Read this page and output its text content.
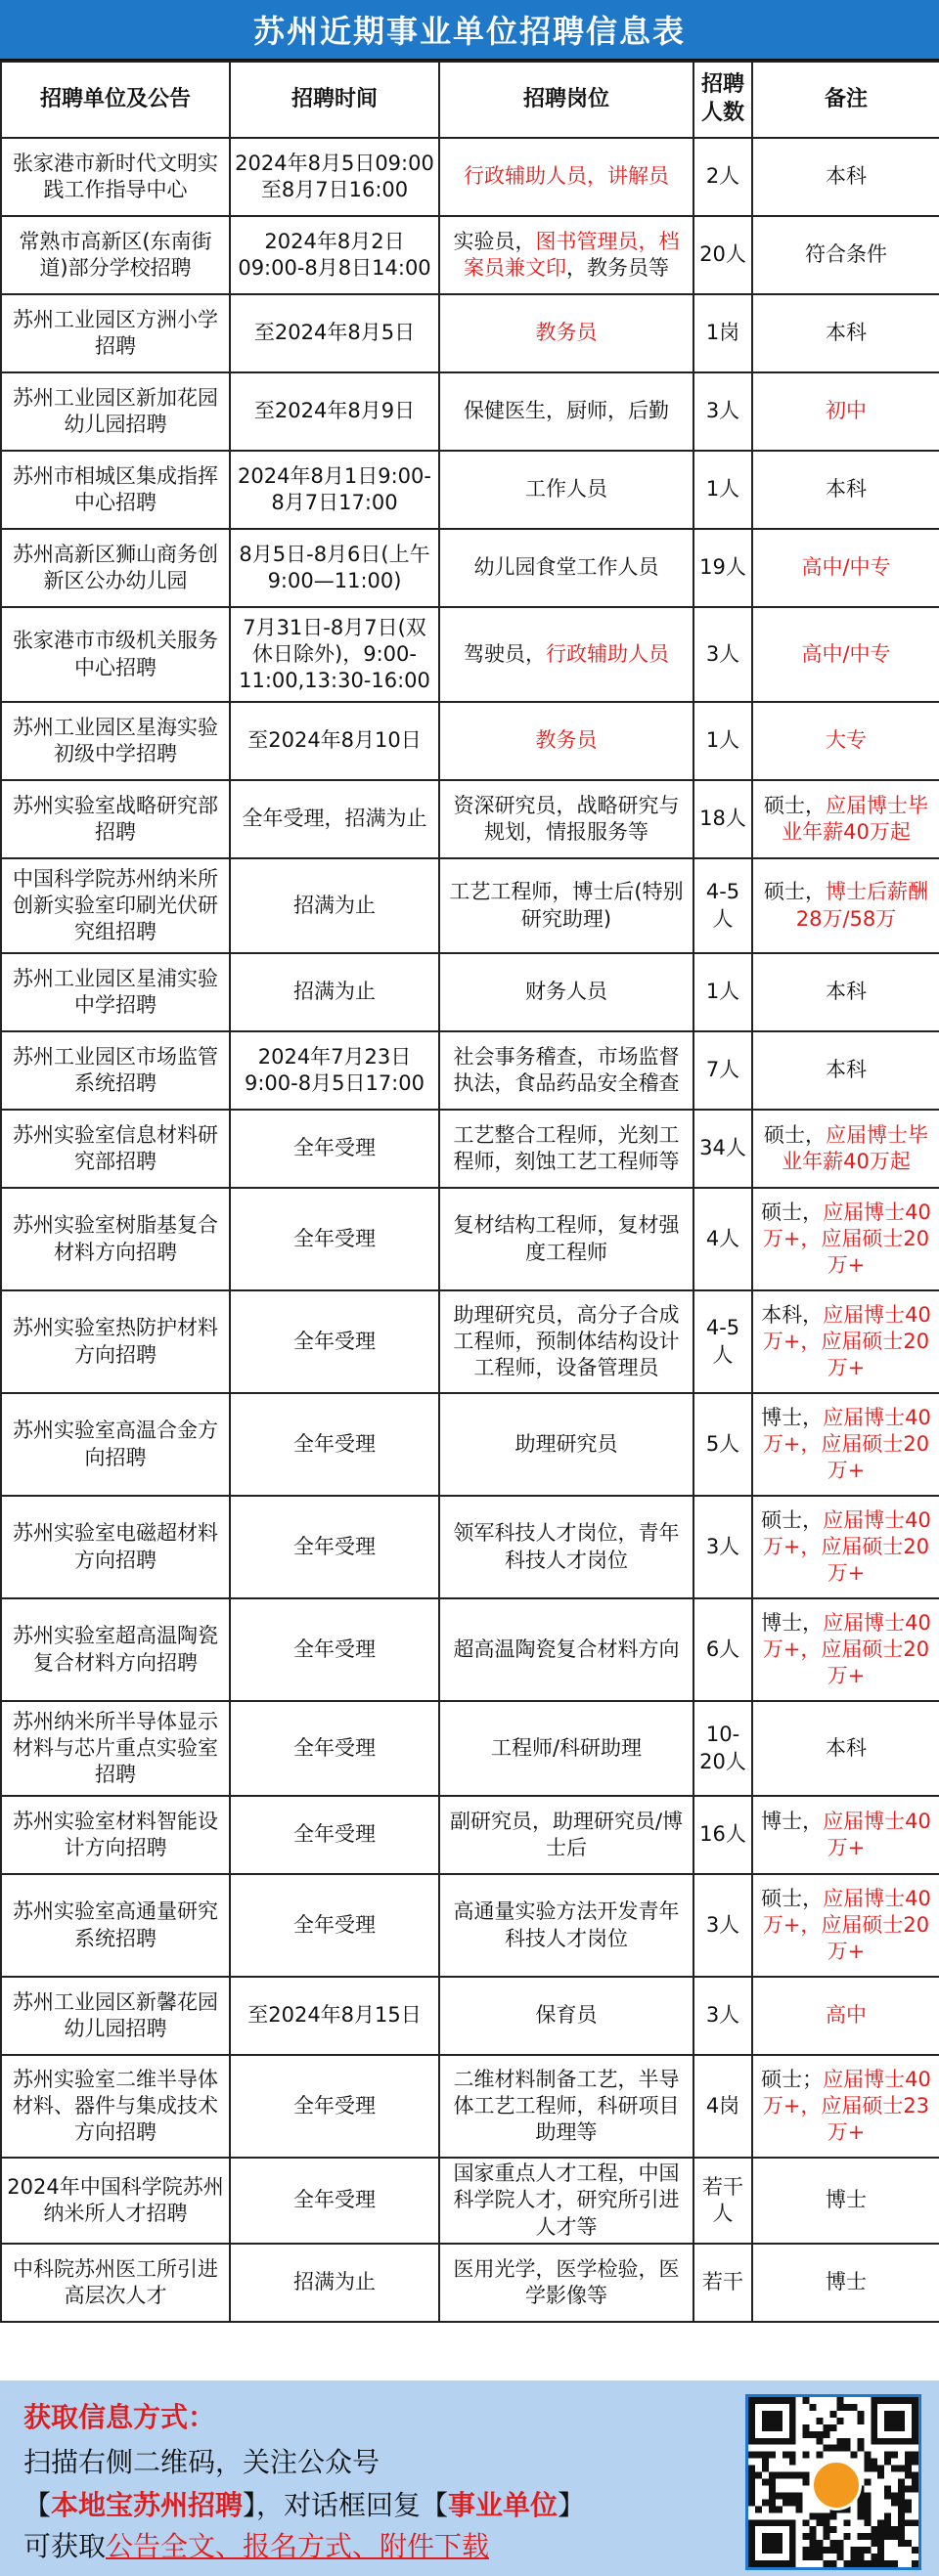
苏州近期事业单位招聘信息表
招聘单位及公告	招聘时间	招聘岗位	招聘人数	备注
张家港市新时代文明实践工作指导中心	2024年8月5日09:00至8月7日16:00	行政辅助人员，讲解员	2人	本科
常熟市高新区(东南街道)部分学校招聘	2024年8月2日09:00-8月8日14:00	实验员，图书管理员，档案员兼文印，教务员等	20人	符合条件
苏州工业园区方洲小学招聘	至2024年8月5日	教务员	1岗	本科
苏州工业园区新加花园幼儿园招聘	至2024年8月9日	保健医生，厨师，后勤	3人	初中
苏州市相城区集成指挥中心招聘	2024年8月1日9:00-8月7日17:00	工作人员	1人	本科
苏州高新区狮山商务创新区公办幼儿园	8月5日-8月6日(上午9:00—11:00)	幼儿园食堂工作人员	19人	高中/中专
张家港市市级机关服务中心招聘	7月31日-8月7日(双休日除外)，9:00-11:00,13:30-16:00	驾驶员，行政辅助人员	3人	高中/中专
苏州工业园区星海实验初级中学招聘	至2024年8月10日	教务员	1人	大专
苏州实验室战略研究部招聘	全年受理，招满为止	资深研究员，战略研究与规划，情报服务等	18人	硕士，应届博士毕业年薪40万起
中国科学院苏州纳米所创新实验室印刷光伏研究组招聘	招满为止	工艺工程师，博士后(特别研究助理)	4-5人	硕士，博士后薪酬28万/58万
苏州工业园区星浦实验中学招聘	招满为止	财务人员	1人	本科
苏州工业园区市场监管系统招聘	2024年7月23日9:00-8月5日17:00	社会事务稽查，市场监督执法，食品药品安全稽查	7人	本科
苏州实验室信息材料研究部招聘	全年受理	工艺整合工程师，光刻工程师，刻蚀工艺工程师等	34人	硕士，应届博士毕业年薪40万起
苏州实验室树脂基复合材料方向招聘	全年受理	复材结构工程师，复材强度工程师	4人	硕士，应届博士40万+，应届硕士20万+
苏州实验室热防护材料方向招聘	全年受理	助理研究员，高分子合成工程师，预制体结构设计工程师，设备管理员	4-5人	本科，应届博士40万+，应届硕士20万+
苏州实验室高温合金方向招聘	全年受理	助理研究员	5人	博士，应届博士40万+，应届硕士20万+
苏州实验室电磁超材料方向招聘	全年受理	领军科技人才岗位，青年科技人才岗位	3人	硕士，应届博士40万+，应届硕士20万+
苏州实验室超高温陶瓷复合材料方向招聘	全年受理	超高温陶瓷复合材料方向	6人	博士，应届博士40万+，应届硕士20万+
苏州纳米所半导体显示材料与芯片重点实验室招聘	全年受理	工程师/科研助理	10-20人	本科
苏州实验室材料智能设计方向招聘	全年受理	副研究员，助理研究员/博士后	16人	博士，应届博士40万+
苏州实验室高通量研究系统招聘	全年受理	高通量实验方法开发青年科技人才岗位	3人	硕士，应届博士40万+，应届硕士20万+
苏州工业园区新馨花园幼儿园招聘	至2024年8月15日	保育员	3人	高中
苏州实验室二维半导体材料、器件与集成技术方向招聘	全年受理	二维材料制备工艺，半导体工艺工程师，科研项目助理等	4岗	硕士；应届博士40万+，应届硕士23万+
2024年中国科学院苏州纳米所人才招聘	全年受理	国家重点人才工程，中国科学院人才，研究所引进人才等	若干人	博士
中科院苏州医工所引进高层次人才	招满为止	医用光学，医学检验，医学影像等	若干	博士
获取信息方式：
扫描右侧二维码，关注公众号
【本地宝苏州招聘】，对话框回复【事业单位】
可获取公告全文、报名方式、附件下载
